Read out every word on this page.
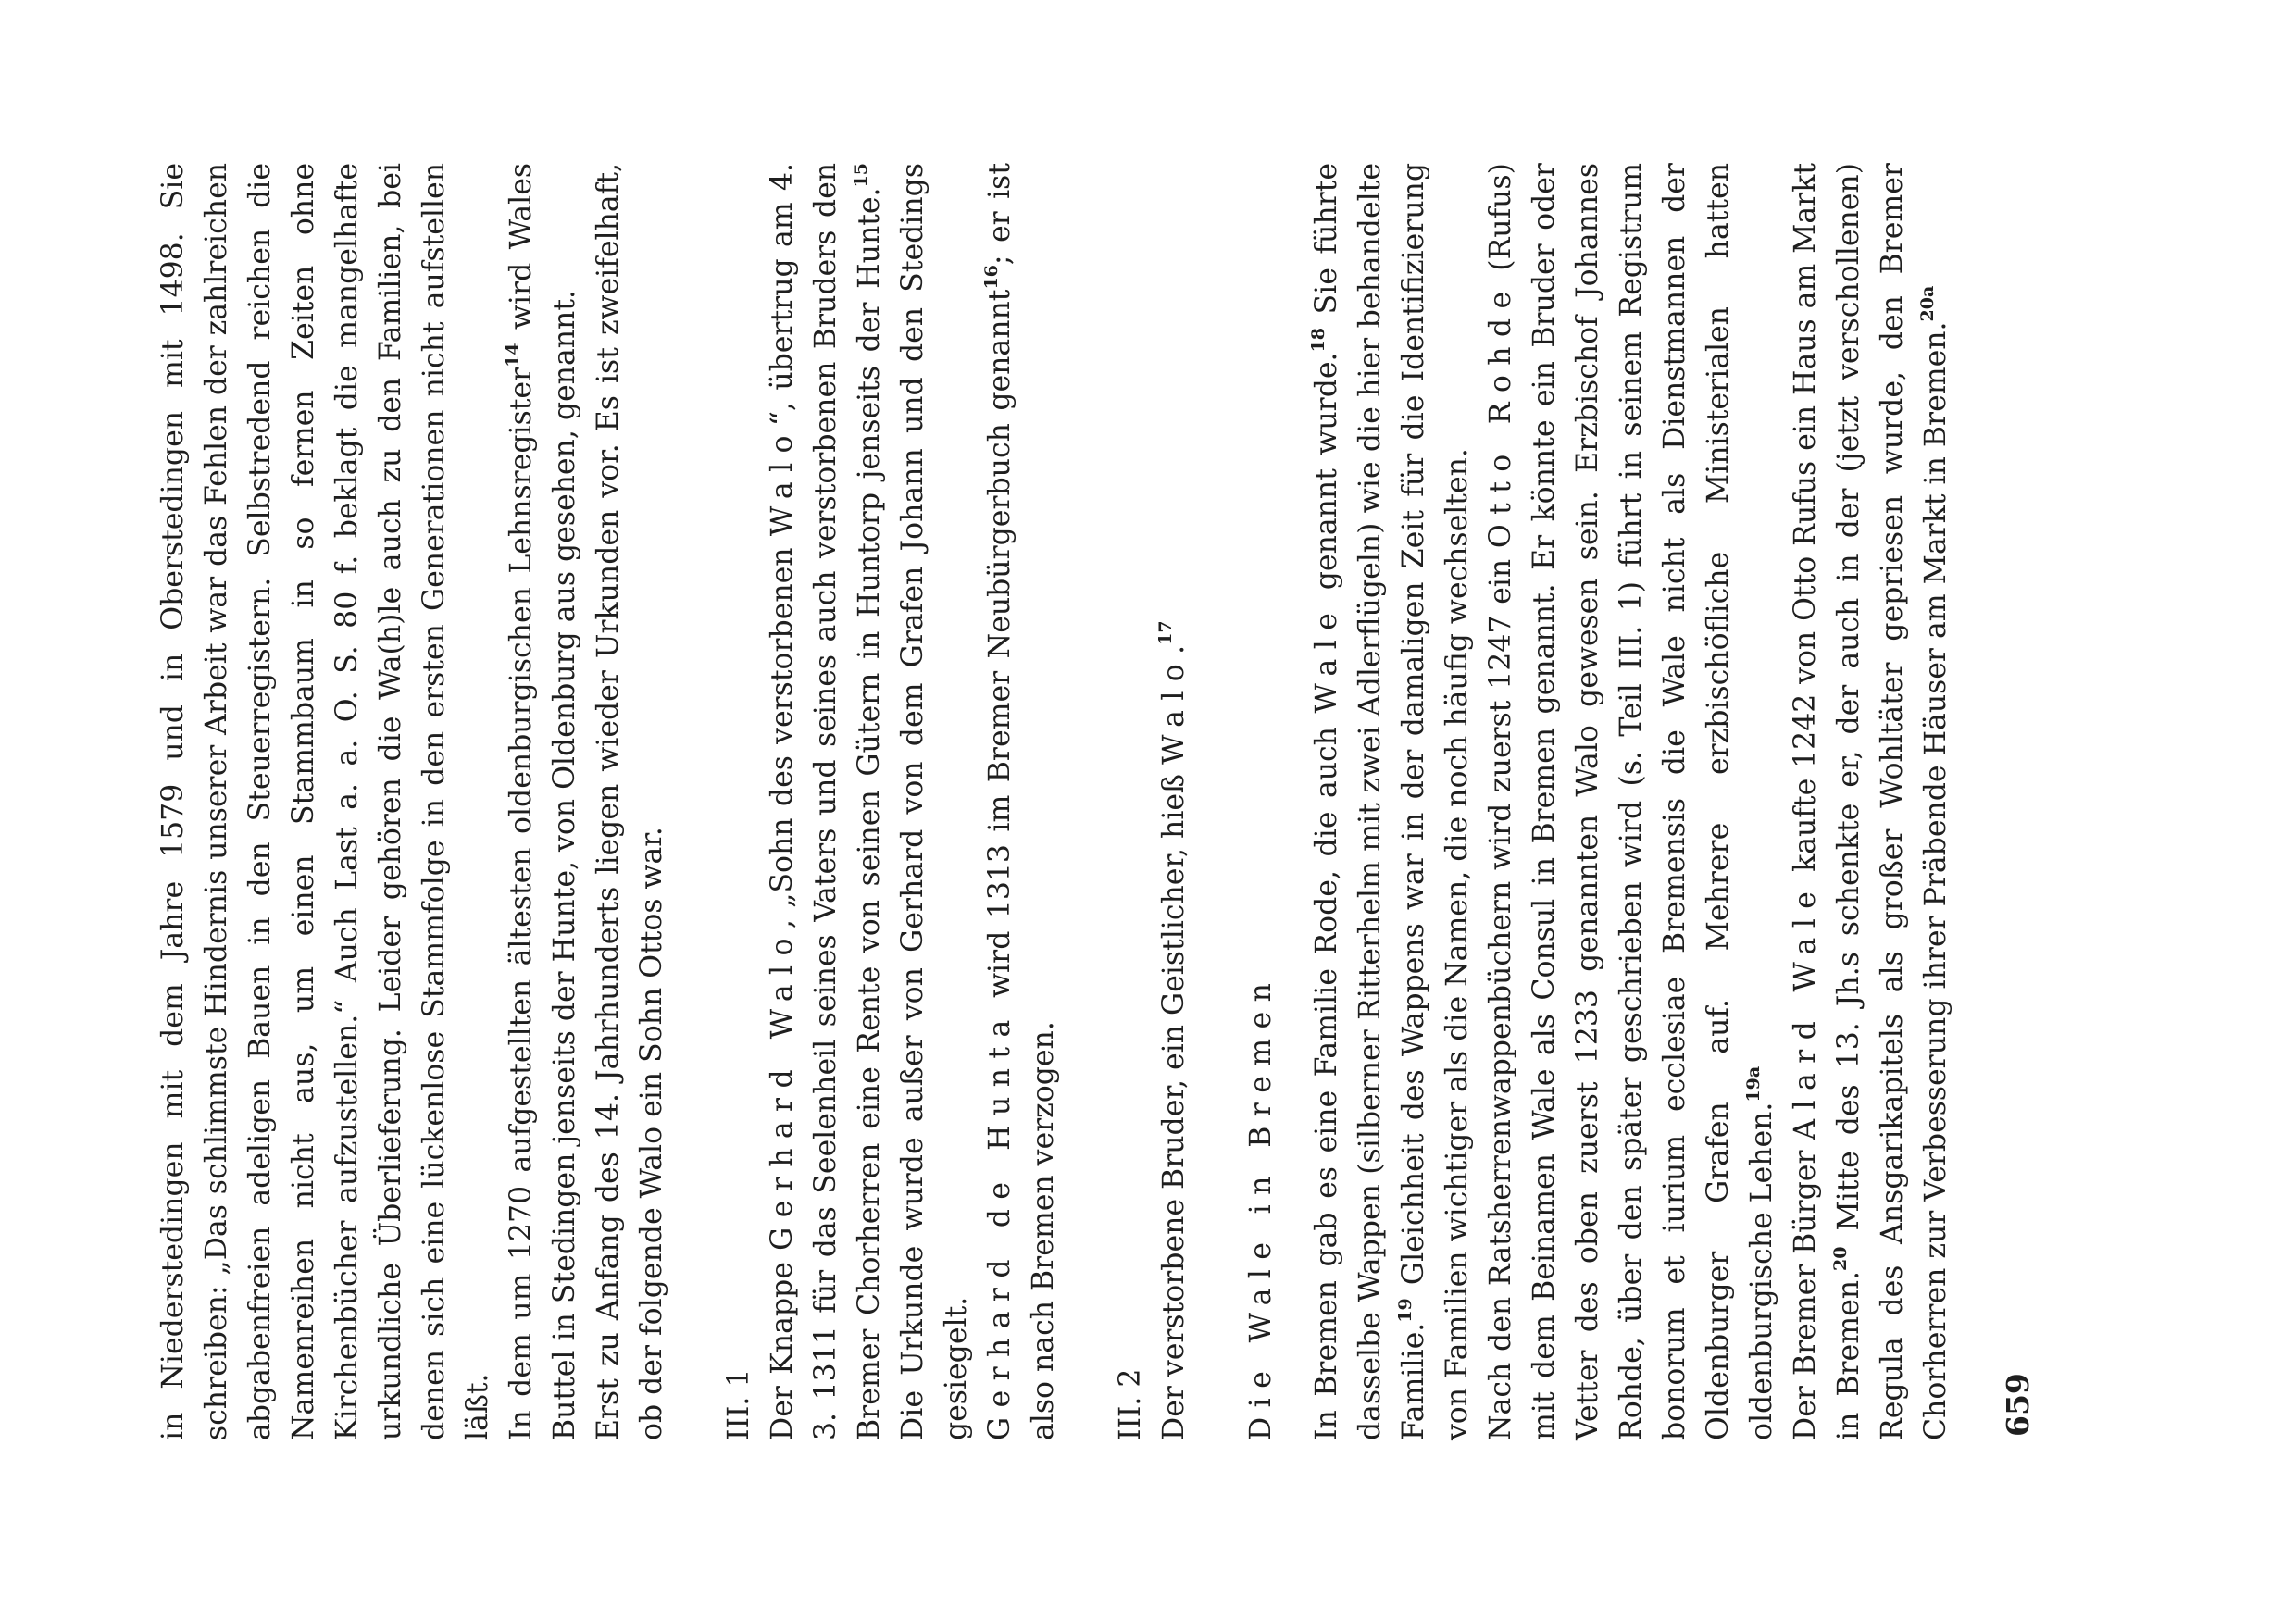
in Niederstedingen mit dem Jahre 1579 und in Oberstedingen mit 1498. Sie schreiben: „Das schlimmste Hindernis unserer Arbeit war das Fehlen der zahlreichen abgabenfreien adeligen Bauen in den Steuerregistern. Selbstredend reichen die Namenreihen nicht aus, um einen Stammbaum in so fernen Zeiten ohne Kirchenbücher aufzustellen.“ Auch Last a. a. O. S. 80 f. beklagt die mangelhafte urkundliche Überlieferung. Leider gehören die Wa(h)le auch zu den Familien, bei denen sich eine lückenlose Stammfolge in den ersten Generationen nicht aufstellen läßt. In dem um 1270 aufgestellten ältesten oldenburgischen Lehnsregister$^{14}$ wird Wales Buttel in Stedingen jenseits der Hunte, von Oldenburg aus gesehen, genannt. Erst zu Anfang des 14. Jahrhunderts liegen wieder Urkunden vor. Es ist zweifelhaft, ob der folgende Walo ein Sohn Ottos war. III. 1 Der Knappe Gerhard Walo, „Sohn des verstorbenen Walo“, übertrug am 4. 3. 1311 für das Seelenheil seines Vaters und seines auch verstorbenen Bruders den Bremer Chorherren eine Rente von seinen Gütern in Huntorp jenseits der Hunte.$^{15}$ Die Urkunde wurde außer von Gerhard von dem Grafen Johann und den Stedings gesiegelt. Gerhard de Hunta wird 1313 im Bremer Neubürgerbuch genannt$^{16}$; er ist also nach Bremen verzogen. III. 2 Der verstorbene Bruder, ein Geistlicher, hieß Walo.$^{17}$

Die Wale in Bremen In Bremen gab es eine Familie Rode, die auch Wale genannt wurde.$^{18}$ Sie führte dasselbe Wappen (silberner Ritterhelm mit zwei Adlerflügeln) wie die hier behandelte Familie.$^{19}$ Gleichheit des Wappens war in der damaligen Zeit für die Identifizierung von Familien wichtiger als die Namen, die noch häufig wechselten. Nach den Ratsherrenwappenbüchern wird zuerst 1247 ein Otto Rohde (Rufus) mit dem Beinamen Wale als Consul in Bremen genannt. Er könnte ein Bruder oder Vetter des oben zuerst 1233 genannten Walo gewesen sein. Erzbischof Johannes Rohde, über den später geschrieben wird (s. Teil III. 1) führt in seinem Registrum bonorum et iurium ecclesiae Bremensis die Wale nicht als Dienstmannen der Oldenburger Grafen auf. Mehrere erzbischöfliche Ministerialen hatten oldenburgische Lehen.$^{19a}$

Der Bremer Bürger Alard Wale kaufte 1242 von Otto Rufus ein Haus am Markt in Bremen.$^{20}$ Mitte des 13. Jh.s schenkte er, der auch in der (jetzt verschollenen) Regula des Ansgarikapitels als großer Wohltäter gepriesen wurde, den Bremer Chorherren zur Verbesserung ihrer Präbende Häuser am Markt in Bremen.$^{20a}$

659
